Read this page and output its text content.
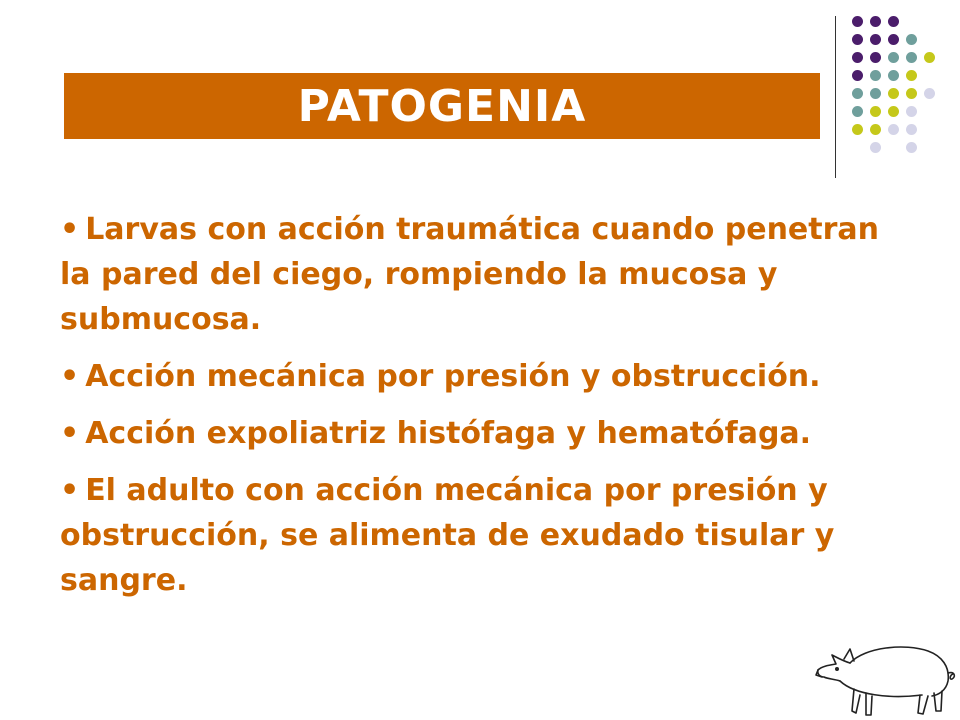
PATOGENIA
• Larvas con acción traumática cuando penetran la pared del ciego, rompiendo la mucosa y submucosa.
• Acción mecánica por presión y obstrucción.
• Acción expoliatriz histófaga y hematófaga.
• El adulto con acción mecánica por presión y obstrucción, se alimenta de exudado tisular y sangre.
